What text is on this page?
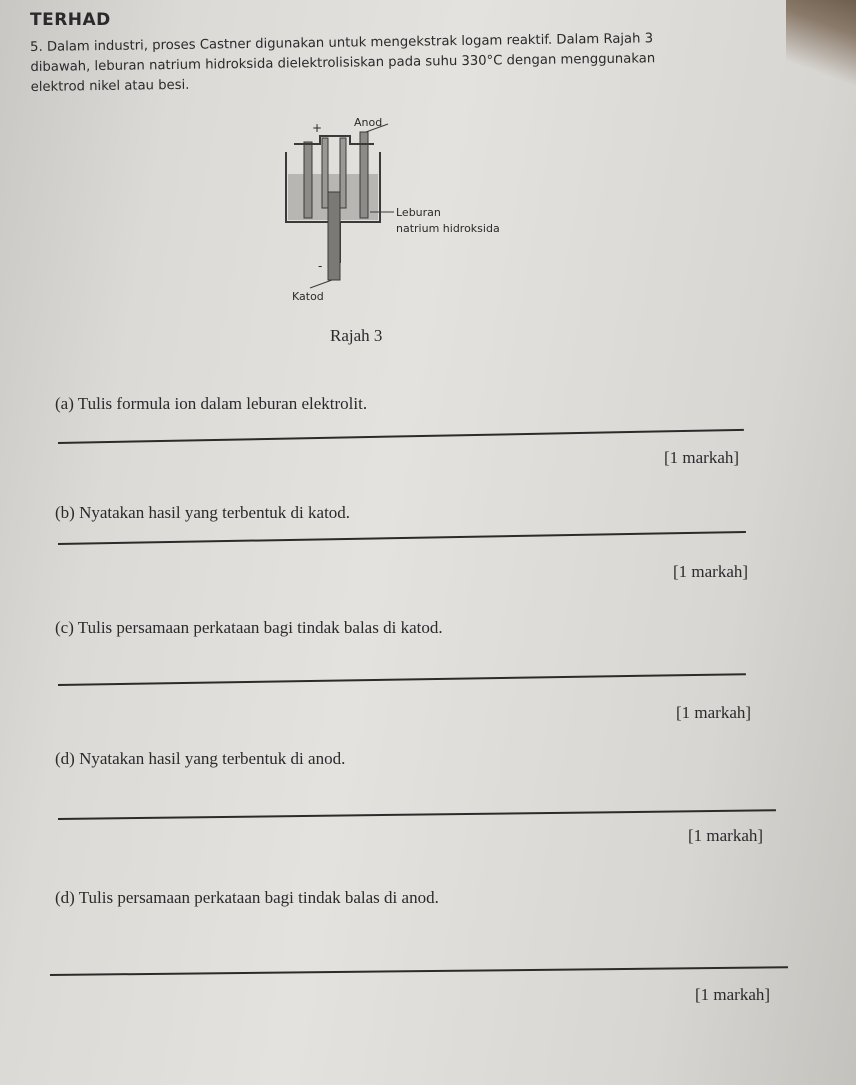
TERHAD
5. Dalam industri, proses Castner digunakan untuk mengekstrak logam reaktif. Dalam Rajah 3
dibawah, leburan natrium hidroksida dielektrolisiskan pada suhu 330°C dengan menggunakan
elektrod nikel atau besi.
+
-
Anod
Leburan
natrium hidroksida
Katod
Rajah 3
(a) Tulis formula ion dalam leburan elektrolit.
[1 markah]
(b) Nyatakan hasil yang terbentuk di katod.
[1 markah]
(c) Tulis persamaan perkataan bagi tindak balas di katod.
[1 markah]
(d) Nyatakan hasil yang terbentuk di anod.
[1 markah]
(d) Tulis persamaan perkataan bagi tindak balas di anod.
[1 markah]
